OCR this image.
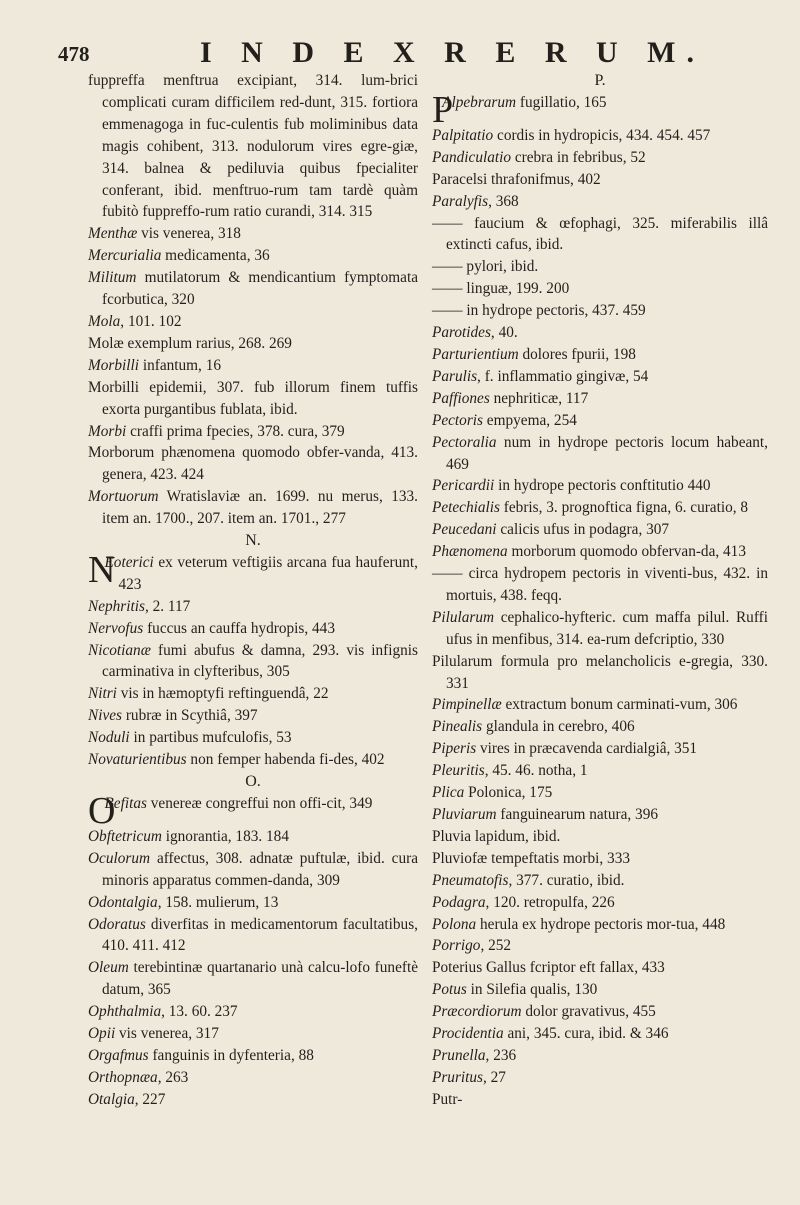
478	I N D E X R E R U M.

fuppreffa menftrua excipiant, 314. lum-brici complicati curam difficilem red-dunt, 315. fortiora emmenagoga in fuc-culentis fub moliminibus data magis cohibent, 313. nodulorum vires egre-giæ, 314. balnea & pediluvia quibus fpecialiter conferant, ibid. menftruo-rum tam tardè quàm fubitò fuppreffo-rum ratio curandi, 314. 315

Menthæ vis venerea, 318

Mercurialia medicamenta, 36

Militum mutilatorum & mendicantium fymptomata fcorbutica, 320

Mola, 101. 102

Molæ exemplum rarius, 268. 269

Morbilli infantum, 16

Morbilli epidemii, 307. fub illorum finem tuffis exorta purgantibus fublata, ibid.

Morbi craffi prima fpecies, 378. cura, 379

Morborum phænomena quomodo obfer-vanda, 413. genera, 423. 424

Mortuorum Wratislaviæ an. 1699. nu merus, 133. item an. 1700., 207. item an. 1701., 277

N.

N
Eoterici ex veterum veftigiis arcana fua hauferunt, 423

Nephritis, 2. 117

Nervofus fuccus an cauffa hydropis, 443

Nicotianæ fumi abufus & damna, 293. vis infignis carminativa in clyfteribus, 305

Nitri vis in hæmoptyfi reftinguendâ, 22

Nives rubræ in Scythiâ, 397

Noduli in partibus mufculofis, 53

Novaturientibus non femper habenda fi-des, 402

O.

O
Befitas venereæ congreffui non offi-cit, 349

Obftetricum ignorantia, 183. 184

Oculorum affectus, 308. adnatæ puftulæ, ibid. cura minoris apparatus commen-danda, 309

Odontalgia, 158. mulierum, 13

Odoratus diverfitas in medicamentorum facultatibus, 410. 411. 412

Oleum terebintinæ quartanario unà calcu-lofo funeftè datum, 365

Ophthalmia, 13. 60. 237

Opii vis venerea, 317

Orgafmus fanguinis in dyfenteria, 88

Orthopnæa, 263

Otalgia, 227

P.

P
Alpebrarum fugillatio, 165

Palpitatio cordis in hydropicis, 434. 454. 457

Pandiculatio crebra in febribus, 52

Paracelsi thrafonifmus, 402

Paralyfis, 368

—— faucium & œfophagi, 325. miferabilis illâ extincti cafus, ibid.

—— pylori, ibid.

—— linguæ, 199. 200

—— in hydrope pectoris, 437. 459

Parotides, 40.

Parturientium dolores fpurii, 198

Parulis, f. inflammatio gingivæ, 54

Paffiones nephriticæ, 117

Pectoris empyema, 254

Pectoralia num in hydrope pectoris locum habeant, 469

Pericardii in hydrope pectoris conftitutio 440

Petechialis febris, 3. prognoftica figna, 6. curatio, 8

Peucedani calicis ufus in podagra, 307

Phænomena morborum quomodo obfervan-da, 413

—— circa hydropem pectoris in viventi-bus, 432. in mortuis, 438. feqq.

Pilularum cephalico-hyfteric. cum maffa pilul. Ruffi ufus in menfibus, 314. ea-rum defcriptio, 330

Pilularum formula pro melancholicis e-gregia, 330. 331

Pimpinellæ extractum bonum carminati-vum, 306

Pinealis glandula in cerebro, 406

Piperis vires in præcavenda cardialgiâ, 351

Pleuritis, 45. 46. notha, 1

Plica Polonica, 175

Pluviarum fanguinearum natura, 396

Pluvia lapidum, ibid.

Pluviofæ tempeftatis morbi, 333

Pneumatofis, 377. curatio, ibid.

Podagra, 120. retropulfa, 226

Polona herula ex hydrope pectoris mor-tua, 448

Porrigo, 252

Poterius Gallus fcriptor eft fallax, 433

Potus in Silefia qualis, 130

Præcordiorum dolor gravativus, 455

Procidentia ani, 345. cura, ibid. & 346

Prunella, 236

Pruritus, 27

Putr-
